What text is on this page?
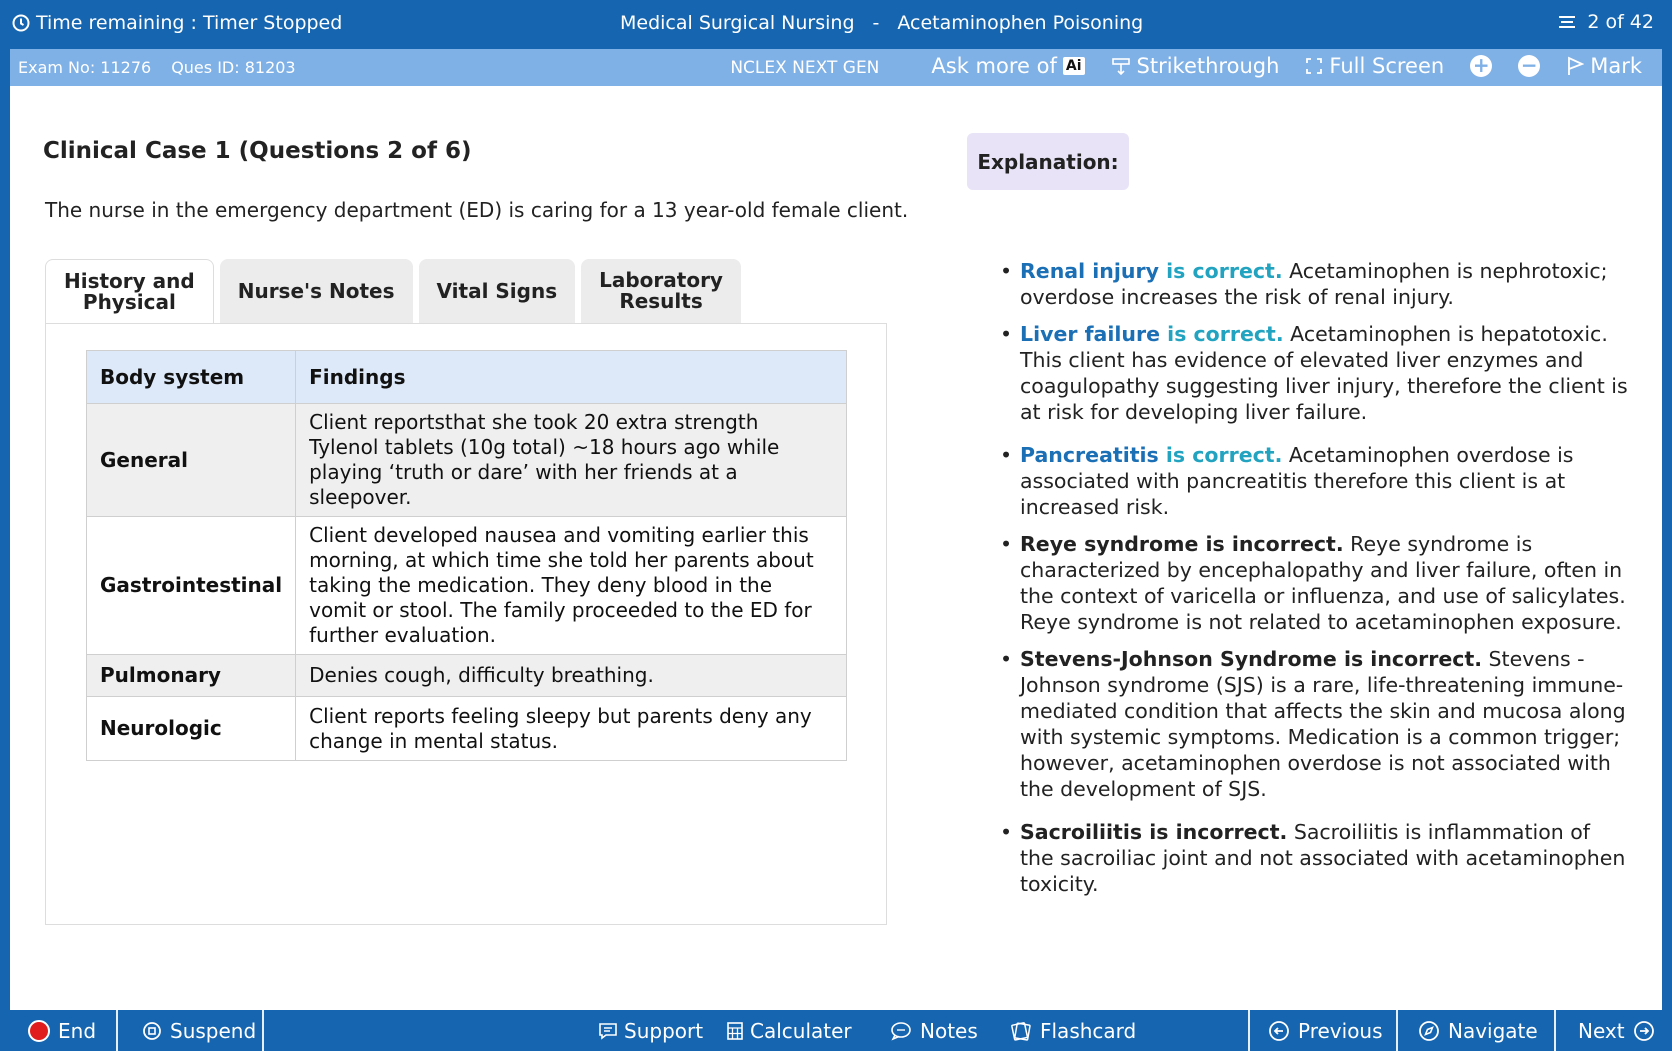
Time remaining : Timer Stopped	Medical Surgical Nursing - Acetaminophen Poisoning	2 of 42
Exam No: 11276 Ques ID: 81203	NCLEX NEXT GEN Ask more of Ai	Strikethrough Full Screen + −	Mark
Clinical Case 1 (Questions 2 of 6)
The nurse in the emergency department (ED) is caring for a 13 year-old female client.
History and
Physical	Nurse's Notes Vital Signs Laboratory
Results
Body system	Findings
General	Client reportsthat she took 20 extra strength Tylenol tablets (10g total) ~18 hours ago while playing ‘truth or dare’ with her friends at a sleepover.
Gastrointestinal	Client developed nausea and vomiting earlier this morning, at which time she told her parents about taking the medication. They deny blood in the vomit or stool. The family proceeded to the ED for further evaluation.
Pulmonary	Denies cough, difficulty breathing.
Neurologic	Client reports feeling sleepy but parents deny any change in mental status.
Explanation:
• Renal injury is correct. Acetaminophen is nephrotoxic; overdose increases the risk of renal injury.
• Liver failure is correct. Acetaminophen is hepatotoxic. This client has evidence of elevated liver enzymes and coagulopathy suggesting liver injury, therefore the client is at risk for developing liver failure.
• Pancreatitis is correct. Acetaminophen overdose is associated with pancreatitis therefore this client is at increased risk.
• Reye syndrome is incorrect. Reye syndrome is characterized by encephalopathy and liver failure, often in the context of varicella or influenza, and use of salicylates. Reye syndrome is not related to acetaminophen exposure.
• Stevens-Johnson Syndrome is incorrect. Stevens - Johnson syndrome (SJS) is a rare, life-threatening immune-mediated condition that affects the skin and mucosa along with systemic symptoms. Medication is a common trigger; however, acetaminophen overdose is not associated with the development of SJS.
• Sacroiliitis is incorrect. Sacroiliitis is inflammation of the sacroiliac joint and not associated with acetaminophen toxicity.
End	Suspend	Support Calculater	Notes	Flashcard	Previous	Navigate Next
